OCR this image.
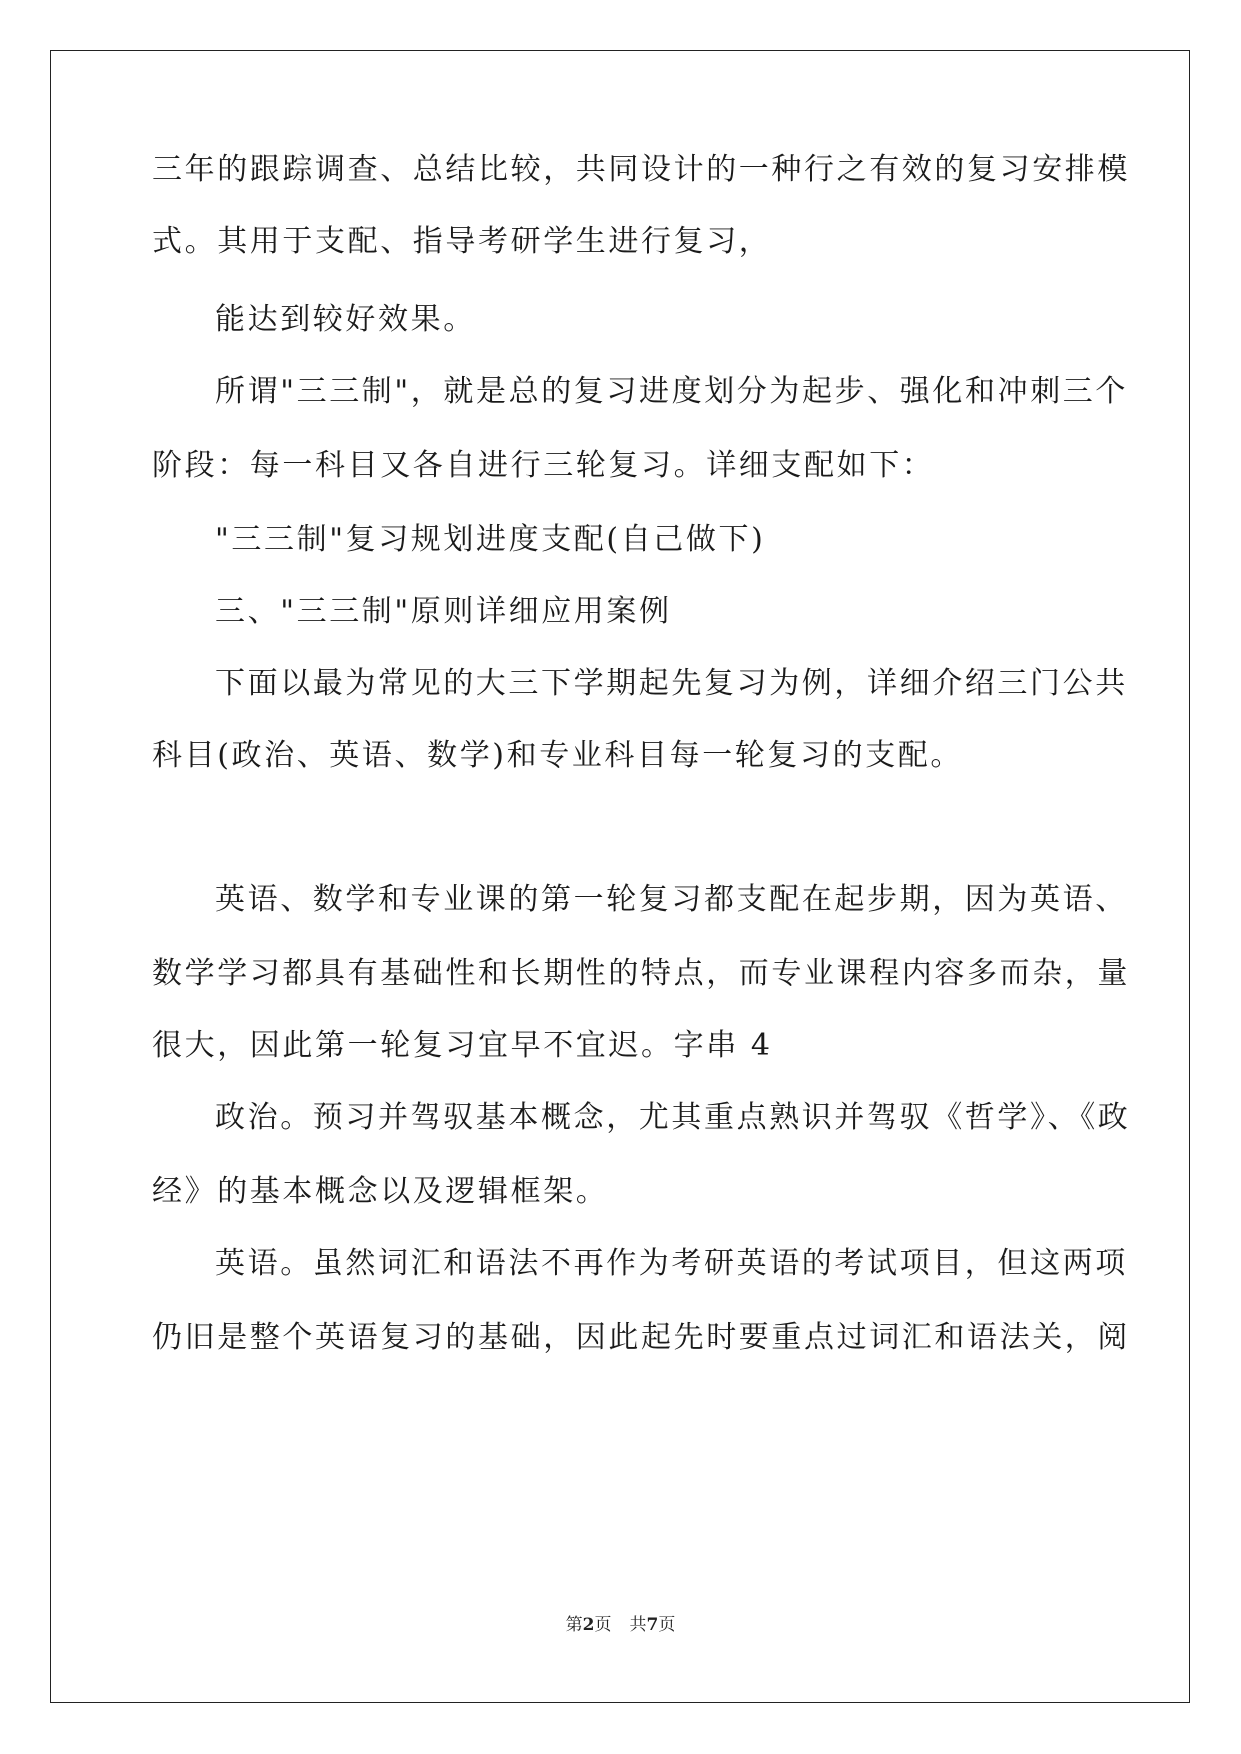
三年的跟踪调查、总结比较，共同设计的一种行之有效的复习安排模
式。其用于支配、指导考研学生进行复习，
能达到较好效果。
所谓"三三制"，就是总的复习进度划分为起步、强化和冲刺三个
阶段：每一科目又各自进行三轮复习。详细支配如下：
"三三制"复习规划进度支配(自己做下)
三、"三三制"原则详细应用案例
下面以最为常见的大三下学期起先复习为例，详细介绍三门公共
科目(政治、英语、数学)和专业科目每一轮复习的支配。
英语、数学和专业课的第一轮复习都支配在起步期，因为英语、
数学学习都具有基础性和长期性的特点，而专业课程内容多而杂，量
很大，因此第一轮复习宜早不宜迟。字串 4
政治。预习并驾驭基本概念，尤其重点熟识并驾驭《哲学》、《政
经》的基本概念以及逻辑框架。
英语。虽然词汇和语法不再作为考研英语的考试项目，但这两项
仍旧是整个英语复习的基础，因此起先时要重点过词汇和语法关，阅
第2页 共7页
